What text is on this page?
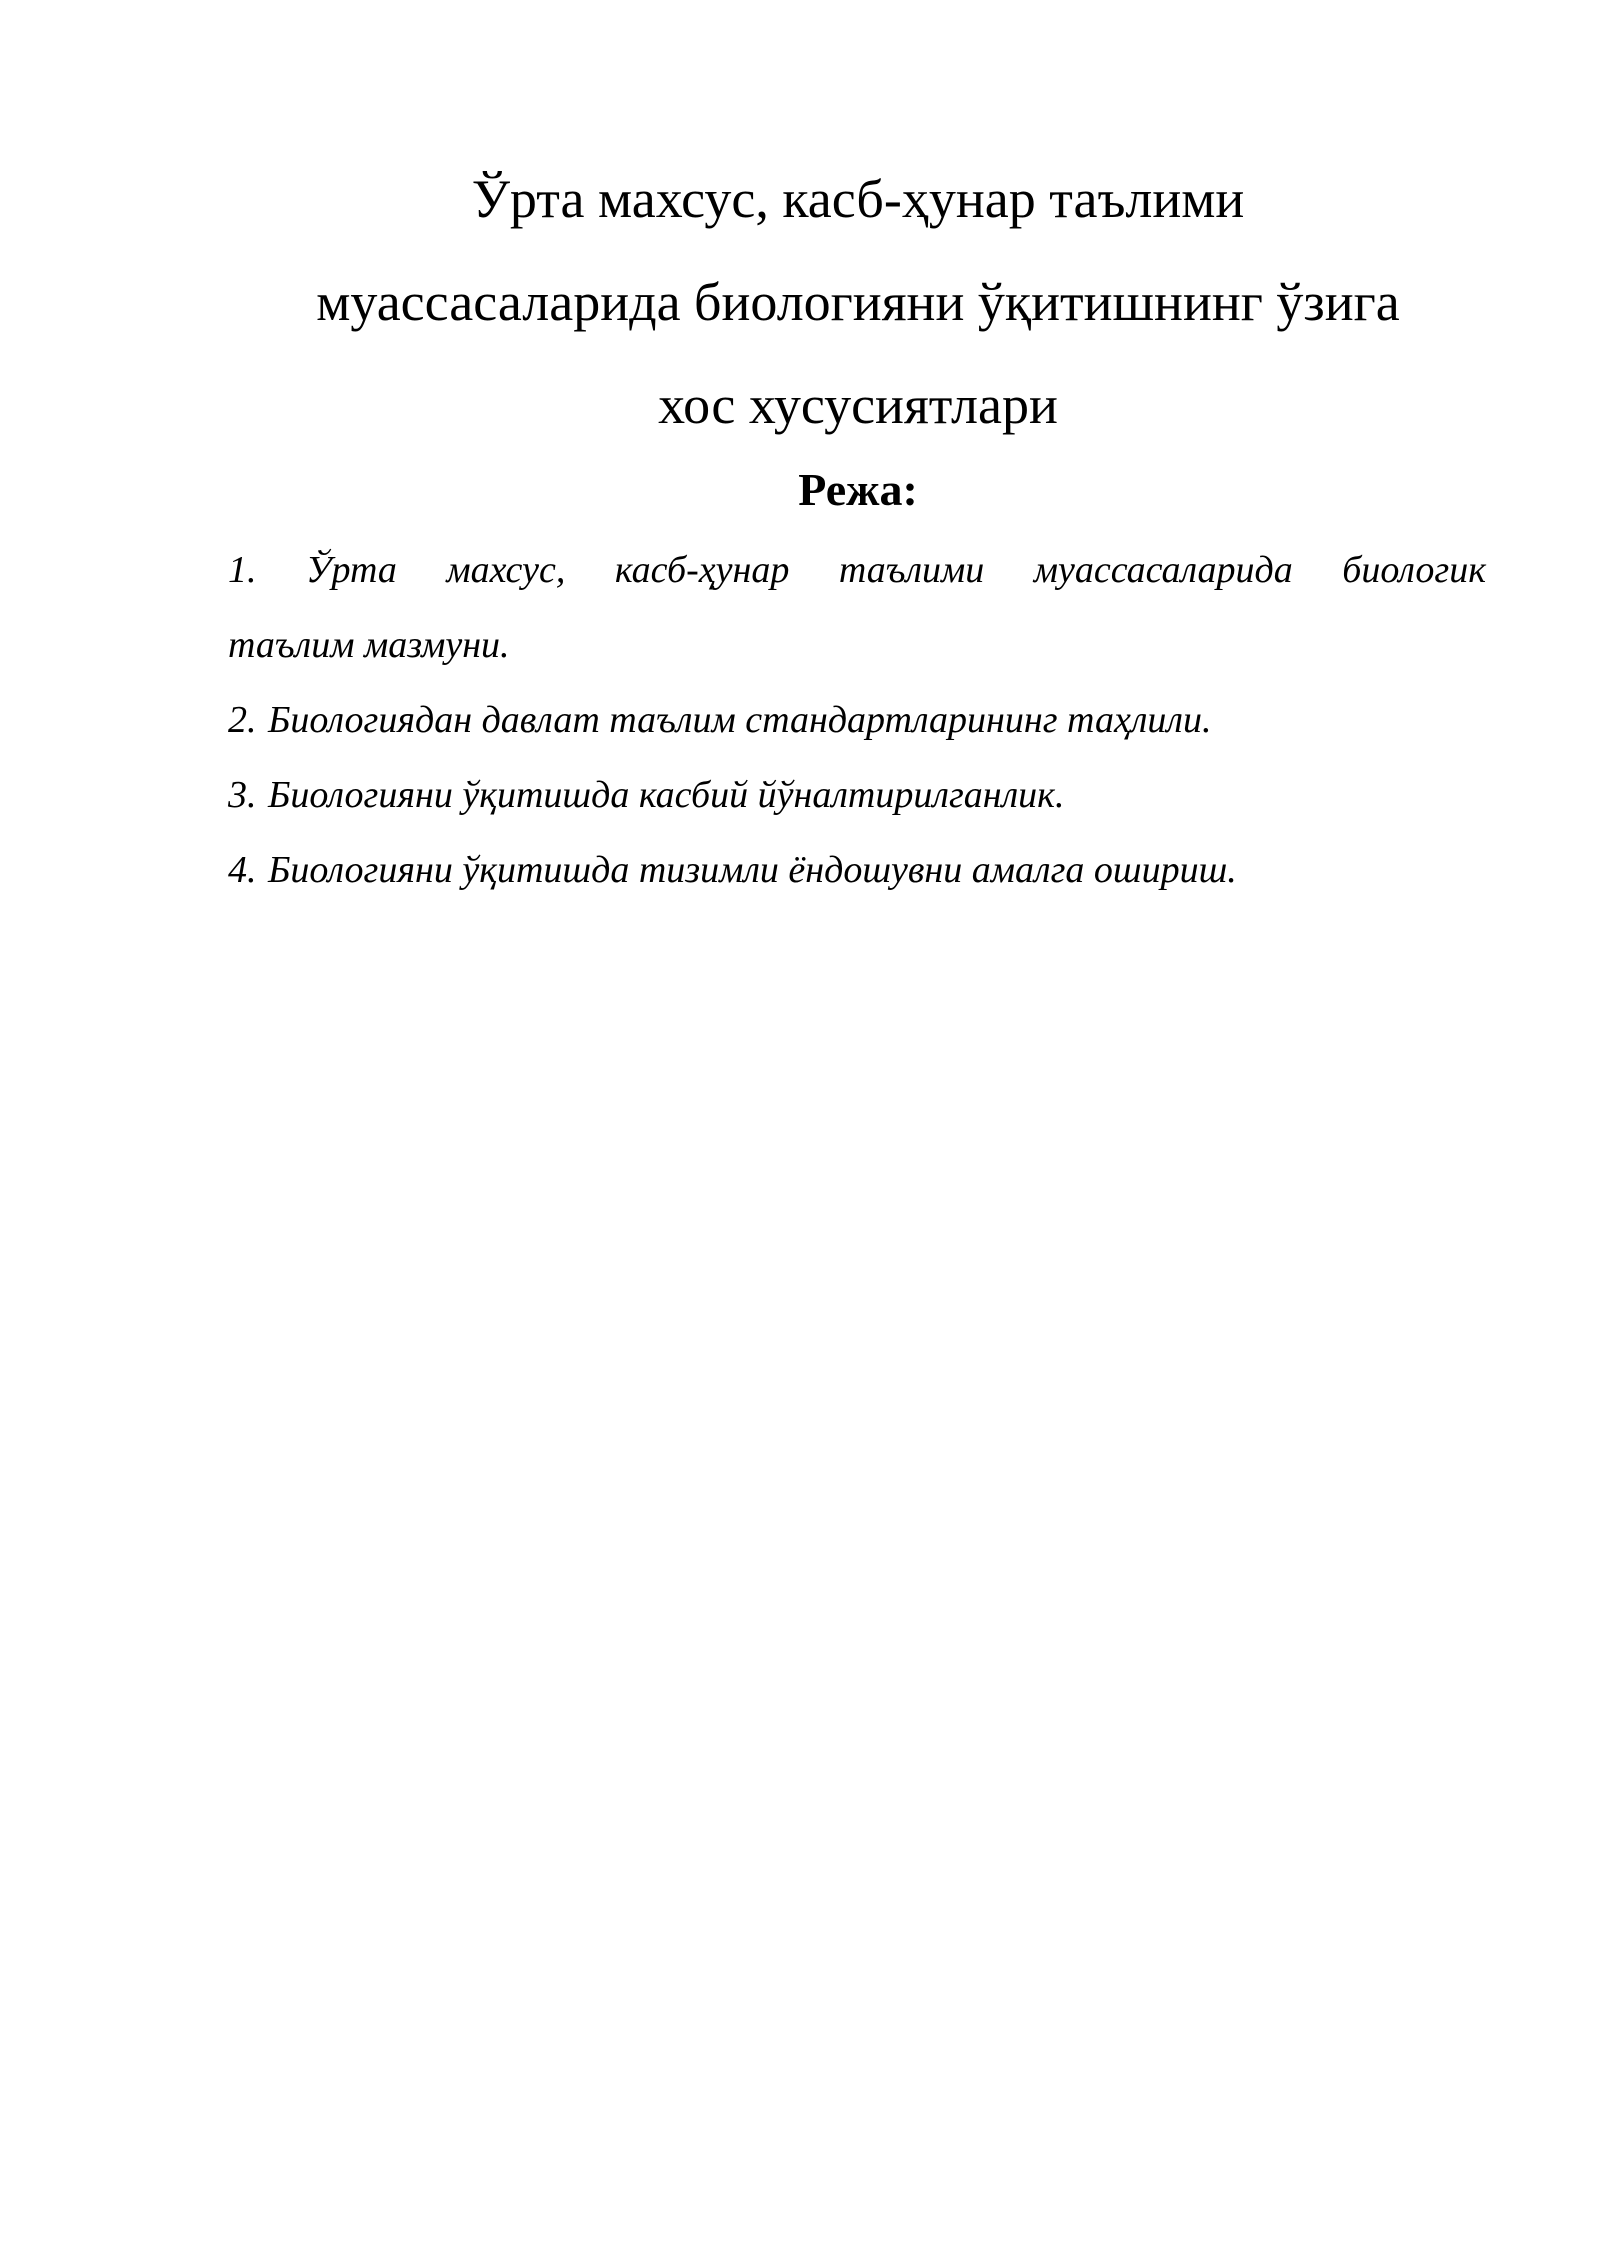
Ўрта махсус, касб-ҳунар таълими
муассасаларида биологияни ўқитишнинг ўзига
хос хусусиятлари
Режа:
1. Ўрта махсус, касб-ҳунар таълими муассасаларида биологик
таълим мазмуни.
2. Биологиядан давлат таълим стандартларининг таҳлили.
3. Биологияни ўқитишда касбий йўналтирилганлик.
4. Биологияни ўқитишда тизимли ёндошувни амалга ошириш.
